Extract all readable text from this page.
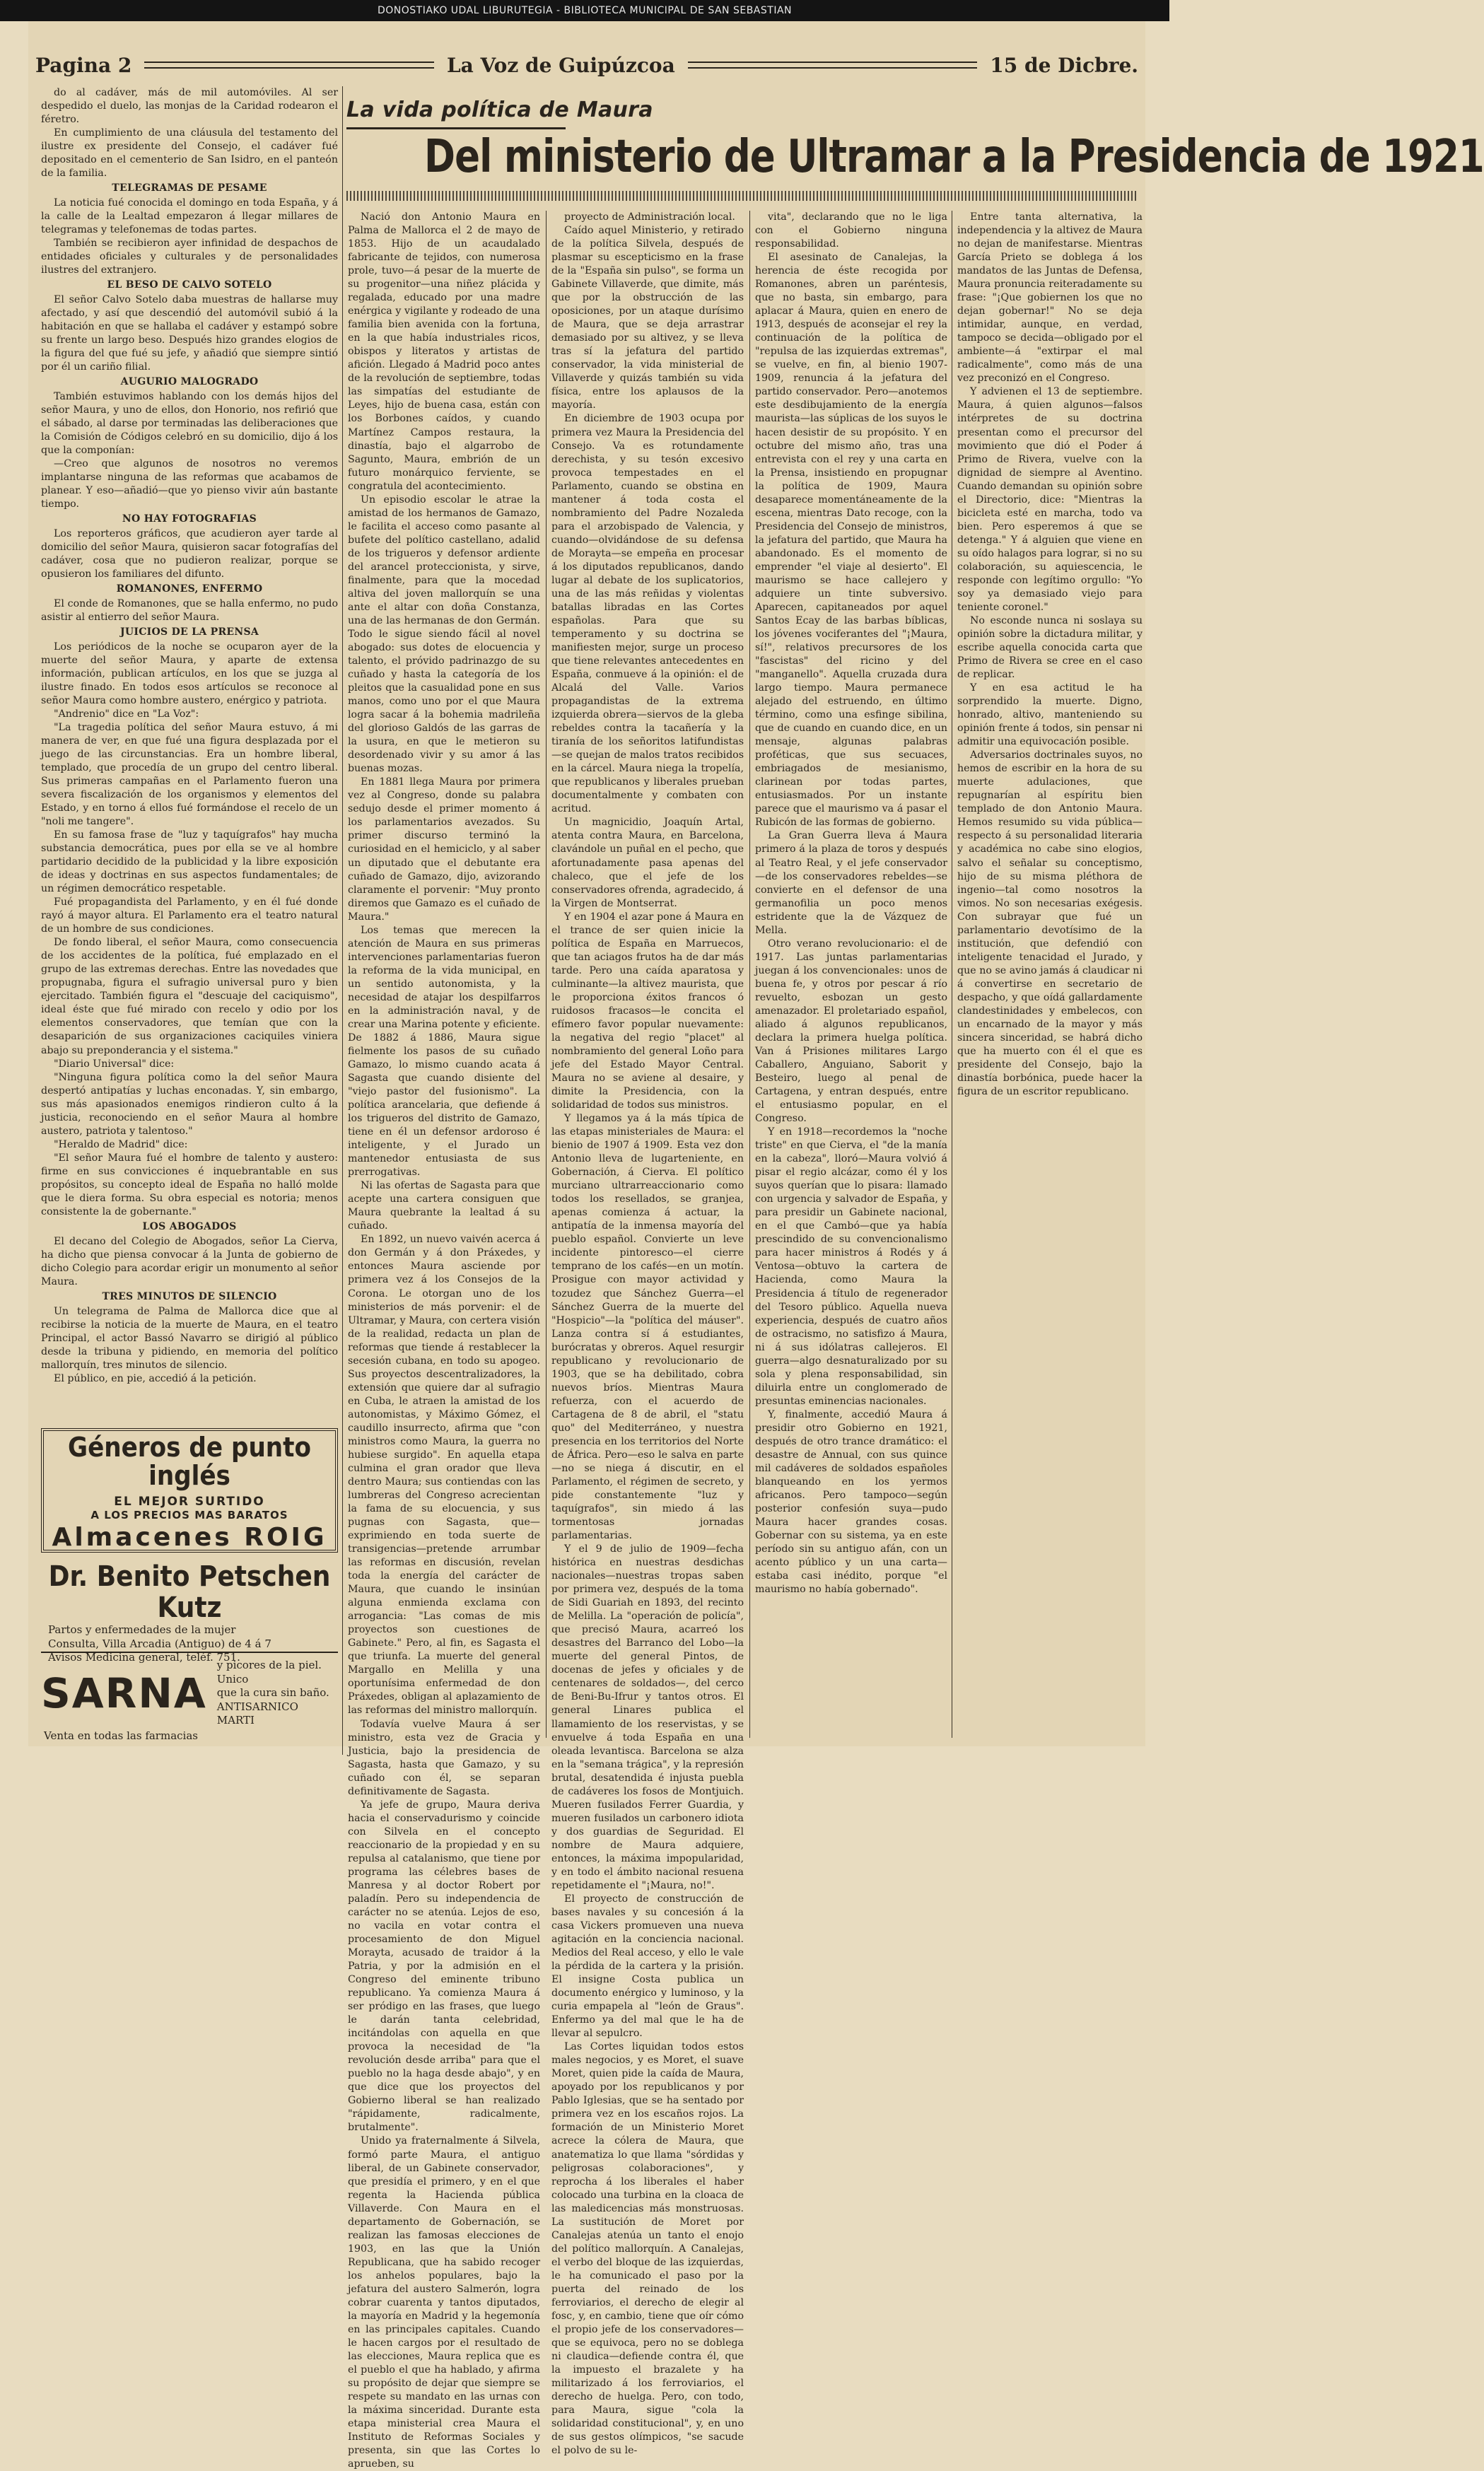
DONOSTIAKO UDAL LIBURUTEGIA - BIBLIOTECA MUNICIPAL DE SAN SEBASTIAN
Pagina 2	La Voz de Guipúzcoa	15 de Dicbre.

do al cadáver, más de mil automóviles. Al ser despedido el duelo, las monjas de la Caridad rodearon el féretro.

En cumplimiento de una cláusula del testamento del ilustre ex presidente del Consejo, el cadáver fué depositado en el cementerio de San Isidro, en el panteón de la familia.

TELEGRAMAS DE PESAME

La noticia fué conocida el domingo en toda España, y á la calle de la Lealtad empezaron á llegar millares de telegramas y telefonemas de todas partes.

También se recibieron ayer infinidad de despachos de entidades oficiales y culturales y de personalidades ilustres del extranjero.

EL BESO DE CALVO SOTELO

El señor Calvo Sotelo daba muestras de hallarse muy afectado, y así que descendió del automóvil subió á la habitación en que se hallaba el cadáver y estampó sobre su frente un largo beso. Después hizo grandes elogios de la figura del que fué su jefe, y añadió que siempre sintió por él un cariño filial.

AUGURIO MALOGRADO

También estuvimos hablando con los demás hijos del señor Maura, y uno de ellos, don Honorio, nos refirió que el sábado, al darse por terminadas las deliberaciones que la Comisión de Códigos celebró en su domicilio, dijo á los que la componían:

—Creo que algunos de nosotros no veremos implantarse ninguna de las reformas que acabamos de planear. Y eso—añadió—que yo pienso vivir aún bastante tiempo.

NO HAY FOTOGRAFIAS

Los reporteros gráficos, que acudieron ayer tarde al domicilio del señor Maura, quisieron sacar fotografías del cadáver, cosa que no pudieron realizar, porque se opusieron los familiares del difunto.

ROMANONES, ENFERMO

El conde de Romanones, que se halla enfermo, no pudo asistir al entierro del señor Maura.

JUICIOS DE LA PRENSA

Los periódicos de la noche se ocuparon ayer de la muerte del señor Maura, y aparte de extensa información, publican artículos, en los que se juzga al ilustre finado. En todos esos artículos se reconoce al señor Maura como hombre austero, enérgico y patriota.

"Andrenio" dice en "La Voz":

"La tragedia política del señor Maura estuvo, á mi manera de ver, en que fué una figura desplazada por el juego de las circunstancias. Era un hombre liberal, templado, que procedía de un grupo del centro liberal. Sus primeras campañas en el Parlamento fueron una severa fiscalización de los organismos y elementos del Estado, y en torno á ellos fué formándose el recelo de un "noli me tangere".

En su famosa frase de "luz y taquígrafos" hay mucha substancia democrática, pues por ella se ve al hombre partidario decidido de la publicidad y la libre exposición de ideas y doctrinas en sus aspectos fundamentales; de un régimen democrático respetable.

Fué propagandista del Parlamento, y en él fué donde rayó á mayor altura. El Parlamento era el teatro natural de un hombre de sus condiciones.

De fondo liberal, el señor Maura, como consecuencia de los accidentes de la política, fué emplazado en el grupo de las extremas derechas. Entre las novedades que propugnaba, figura el sufragio universal puro y bien ejercitado. También figura el "descuaje del caciquismo", ideal éste que fué mirado con recelo y odio por los elementos conservadores, que temían que con la desaparición de sus organizaciones caciquiles viniera abajo su preponderancia y el sistema."

"Diario Universal" dice:

"Ninguna figura política como la del señor Maura despertó antipatías y luchas enconadas. Y, sin embargo, sus más apasionados enemigos rindieron culto á la justicia, reconociendo en el señor Maura al hombre austero, patriota y talentoso."

"Heraldo de Madrid" dice:

"El señor Maura fué el hombre de talento y austero: firme en sus convicciones é inquebrantable en sus propósitos, su concepto ideal de España no halló molde que le diera forma. Su obra especial es notoria; menos consistente la de gobernante."

LOS ABOGADOS

El decano del Colegio de Abogados, señor La Cierva, ha dicho que piensa convocar á la Junta de gobierno de dicho Colegio para acordar erigir un monumento al señor Maura.

TRES MINUTOS DE SILENCIO

Un telegrama de Palma de Mallorca dice que al recibirse la noticia de la muerte de Maura, en el teatro Principal, el actor Bassó Navarro se dirigió al público desde la tribuna y pidiendo, en memoria del político mallorquín, tres minutos de silencio.

El público, en pie, accedió á la petición.

La vida política de Maura
Del ministerio de Ultramar a la Presidencia de 1921

Nació don Antonio Maura en Palma de Mallorca el 2 de mayo de 1853. Hijo de un acaudalado fabricante de tejidos, con numerosa prole, tuvo—á pesar de la muerte de su progenitor—una niñez plácida y regalada, educado por una madre enérgica y vigilante y rodeado de una familia bien avenida con la fortuna, en la que había industriales ricos, obispos y literatos y artistas de afición. Llegado á Madrid poco antes de la revolución de septiembre, todas las simpatías del estudiante de Leyes, hijo de buena casa, están con los Borbones caídos, y cuando Martínez Campos restaura, la dinastía, bajo el algarrobo de Sagunto, Maura, embrión de un futuro monárquico ferviente, se congratula del acontecimiento.

Un episodio escolar le atrae la amistad de los hermanos de Gamazo, le facilita el acceso como pasante al bufete del político castellano, adalid de los trigueros y defensor ardiente del arancel proteccionista, y sirve, finalmente, para que la mocedad altiva del joven mallorquín se una ante el altar con doña Constanza, una de las hermanas de don Germán. Todo le sigue siendo fácil al novel abogado: sus dotes de elocuencia y talento, el próvido padrinazgo de su cuñado y hasta la categoría de los pleitos que la casualidad pone en sus manos, como uno por el que Maura logra sacar á la bohemia madrileña del glorioso Galdós de las garras de la usura, en que le metieron su desordenado vivir y su amor á las buenas mozas.

En 1881 llega Maura por primera vez al Congreso, donde su palabra sedujo desde el primer momento á los parlamentarios avezados. Su primer discurso terminó la curiosidad en el hemiciclo, y al saber un diputado que el debutante era cuñado de Gamazo, dijo, avizorando claramente el porvenir: "Muy pronto diremos que Gamazo es el cuñado de Maura."

Los temas que merecen la atención de Maura en sus primeras intervenciones parlamentarias fueron la reforma de la vida municipal, en un sentido autonomista, y la necesidad de atajar los despilfarros en la administración naval, y de crear una Marina potente y eficiente. De 1882 á 1886, Maura sigue fielmente los pasos de su cuñado Gamazo, lo mismo cuando acata á Sagasta que cuando disiente del "viejo pastor del fusionismo". La política arancelaria, que defiende á los trigueros del distrito de Gamazo, tiene en él un defensor ardoroso é inteligente, y el Jurado un mantenedor entusiasta de sus prerrogativas.

Ni las ofertas de Sagasta para que acepte una cartera consiguen que Maura quebrante la lealtad á su cuñado.

En 1892, un nuevo vaivén acerca á don Germán y á don Práxedes, y entonces Maura asciende por primera vez á los Consejos de la Corona. Le otorgan uno de los ministerios de más porvenir: el de Ultramar, y Maura, con certera visión de la realidad, redacta un plan de reformas que tiende á restablecer la secesión cubana, en todo su apogeo. Sus proyectos descentralizadores, la extensión que quiere dar al sufragio en Cuba, le atraen la amistad de los autonomistas, y Máximo Gómez, el caudillo insurrecto, afirma que "con ministros como Maura, la guerra no hubiese surgido". En aquella etapa culmina el gran orador que lleva dentro Maura; sus contiendas con las lumbreras del Congreso acrecientan la fama de su elocuencia, y sus pugnas con Sagasta, que—exprimiendo en toda suerte de transigencias—pretende arrumbar las reformas en discusión, revelan toda la energía del carácter de Maura, que cuando le insinúan alguna enmienda exclama con arrogancia: "Las comas de mis proyectos son cuestiones de Gabinete." Pero, al fin, es Sagasta el que triunfa. La muerte del general Margallo en Melilla y una oportunísima enfermedad de don Práxedes, obligan al aplazamiento de las reformas del ministro mallorquín.

Todavía vuelve Maura á ser ministro, esta vez de Gracia y Justicia, bajo la presidencia de Sagasta, hasta que Gamazo, y su cuñado con él, se separan definitivamente de Sagasta.

Ya jefe de grupo, Maura deriva hacia el conservadurismo y coincide con Silvela en el concepto reaccionario de la propiedad y en su repulsa al catalanismo, que tiene por programa las célebres bases de Manresa y al doctor Robert por paladín. Pero su independencia de carácter no se atenúa. Lejos de eso, no vacila en votar contra el procesamiento de don Miguel Morayta, acusado de traidor á la Patria, y por la admisión en el Congreso del eminente tribuno republicano. Ya comienza Maura á ser pródigo en las frases, que luego le darán tanta celebridad, incitándolas con aquella en que provoca la necesidad de "la revolución desde arriba" para que el pueblo no la haga desde abajo", y en que dice que los proyectos del Gobierno liberal se han realizado "rápidamente, radicalmente, brutalmente".

Unido ya fraternalmente á Silvela, formó parte Maura, el antiguo liberal, de un Gabinete conservador, que presidía el primero, y en el que regenta la Hacienda pública Villaverde. Con Maura en el departamento de Gobernación, se realizan las famosas elecciones de 1903, en las que la Unión Republicana, que ha sabido recoger los anhelos populares, bajo la jefatura del austero Salmerón, logra cobrar cuarenta y tantos diputados, la mayoría en Madrid y la hegemonía en las principales capitales. Cuando le hacen cargos por el resultado de las elecciones, Maura replica que es el pueblo el que ha hablado, y afirma su propósito de dejar que siempre se respete su mandato en las urnas con la máxima sinceridad. Durante esta etapa ministerial crea Maura el Instituto de Reformas Sociales y presenta, sin que las Cortes lo aprueben, su

proyecto de Administración local.

Caído aquel Ministerio, y retirado de la política Silvela, después de plasmar su escepticismo en la frase de la "España sin pulso", se forma un Gabinete Villaverde, que dimite, más que por la obstrucción de las oposiciones, por un ataque durísimo de Maura, que se deja arrastrar demasiado por su altivez, y se lleva tras sí la jefatura del partido conservador, la vida ministerial de Villaverde y quizás también su vida física, entre los aplausos de la mayoría.

En diciembre de 1903 ocupa por primera vez Maura la Presidencia del Consejo. Va es rotundamente derechista, y su tesón excesivo provoca tempestades en el Parlamento, cuando se obstina en mantener á toda costa el nombramiento del Padre Nozaleda para el arzobispado de Valencia, y cuando—olvidándose de su defensa de Morayta—se empeña en procesar á los diputados republicanos, dando lugar al debate de los suplicatorios, una de las más reñidas y violentas batallas libradas en las Cortes españolas. Para que su temperamento y su doctrina se manifiesten mejor, surge un proceso que tiene relevantes antecedentes en España, conmueve á la opinión: el de Alcalá del Valle. Varios propagandistas de la extrema izquierda obrera—siervos de la gleba rebeldes contra la tacañería y la tiranía de los señoritos latifundistas—se quejan de malos tratos recibidos en la cárcel. Maura niega la tropelía, que republicanos y liberales prueban documentalmente y combaten con acritud.

Un magnicidio, Joaquín Artal, atenta contra Maura, en Barcelona, clavándole un puñal en el pecho, que afortunadamente pasa apenas del chaleco, que el jefe de los conservadores ofrenda, agradecido, á la Virgen de Montserrat.

Y en 1904 el azar pone á Maura en el trance de ser quien inicie la política de España en Marruecos, que tan aciagos frutos ha de dar más tarde. Pero una caída aparatosa y culminante—la altivez maurista, que le proporciona éxitos francos ó ruidosos fracasos—le concita el efímero favor popular nuevamente: la negativa del regio "placet" al nombramiento del general Loño para jefe del Estado Mayor Central. Maura no se aviene al desaire, y dimite la Presidencia, con la solidaridad de todos sus ministros.

Y llegamos ya á la más típica de las etapas ministeriales de Maura: el bienio de 1907 á 1909. Esta vez don Antonio lleva de lugarteniente, en Gobernación, á Cierva. El político murciano ultrarreaccionario como todos los resellados, se granjea, apenas comienza á actuar, la antipatía de la inmensa mayoría del pueblo español. Convierte un leve incidente pintoresco—el cierre temprano de los cafés—en un motín. Prosigue con mayor actividad y tozudez que Sánchez Guerra—el Sánchez Guerra de la muerte del "Hospicio"—la "política del máuser". Lanza contra sí á estudiantes, burócratas y obreros. Aquel resurgir republicano y revolucionario de 1903, que se ha debilitado, cobra nuevos bríos. Mientras Maura refuerza, con el acuerdo de Cartagena de 8 de abril, el "statu quo" del Mediterráneo, y nuestra presencia en los territorios del Norte de África. Pero—eso le salva en parte—no se niega á discutir, en el Parlamento, el régimen de secreto, y pide constantemente "luz y taquígrafos", sin miedo á las tormentosas jornadas parlamentarias.

Y el 9 de julio de 1909—fecha histórica en nuestras desdichas nacionales—nuestras tropas saben por primera vez, después de la toma de Sidi Guariah en 1893, del recinto de Melilla. La "operación de policía", que precisó Maura, acarreó los desastres del Barranco del Lobo—la muerte del general Pintos, de docenas de jefes y oficiales y de centenares de soldados—, del cerco de Beni-Bu-Ifrur y tantos otros. El general Linares publica el llamamiento de los reservistas, y se envuelve á toda España en una oleada levantisca. Barcelona se alza en la "semana trágica", y la represión brutal, desatendida é injusta puebla de cadáveres los fosos de Montjuich. Mueren fusilados Ferrer Guardia, y mueren fusilados un carbonero idiota y dos guardias de Seguridad. El nombre de Maura adquiere, entonces, la máxima impopularidad, y en todo el ámbito nacional resuena repetidamente el "¡Maura, no!".

El proyecto de construcción de bases navales y su concesión á la casa Vickers promueven una nueva agitación en la conciencia nacional. Medios del Real acceso, y ello le vale la pérdida de la cartera y la prisión. El insigne Costa publica un documento enérgico y luminoso, y la curia empapela al "león de Graus". Enfermo ya del mal que le ha de llevar al sepulcro.

Las Cortes liquidan todos estos males negocios, y es Moret, el suave Moret, quien pide la caída de Maura, apoyado por los republicanos y por Pablo Iglesias, que se ha sentado por primera vez en los escaños rojos. La formación de un Ministerio Moret acrece la cólera de Maura, que anatematiza lo que llama "sórdidas y peligrosas colaboraciones", y reprocha á los liberales el haber colocado una turbina en la cloaca de las maledicencias más monstruosas. La sustitución de Moret por Canalejas atenúa un tanto el enojo del político mallorquín. A Canalejas, el verbo del bloque de las izquierdas, le ha comunicado el paso por la puerta del reinado de los ferroviarios, el derecho de elegir al fosc, y, en cambio, tiene que oír cómo el propio jefe de los conservadores—que se equivoca, pero no se doblega ni claudica—defiende contra él, que la impuesto el brazalete y ha militarizado á los ferroviarios, el derecho de huelga. Pero, con todo, para Maura, sigue "cola la solidaridad constitucional", y, en uno de sus gestos olímpicos, "se sacude el polvo de su le-

vita", declarando que no le liga con el Gobierno ninguna responsabilidad.

El asesinato de Canalejas, la herencia de éste recogida por Romanones, abren un paréntesis, que no basta, sin embargo, para aplacar á Maura, quien en enero de 1913, después de aconsejar el rey la continuación de la política de "repulsa de las izquierdas extremas", se vuelve, en fin, al bienio 1907-1909, renuncia á la jefatura del partido conservador. Pero—anotemos este desdibujamiento de la energía maurista—las súplicas de los suyos le hacen desistir de su propósito. Y en octubre del mismo año, tras una entrevista con el rey y una carta en la Prensa, insistiendo en propugnar la política de 1909, Maura desaparece momentáneamente de la escena, mientras Dato recoge, con la Presidencia del Consejo de ministros, la jefatura del partido, que Maura ha abandonado. Es el momento de emprender "el viaje al desierto". El maurismo se hace callejero y adquiere un tinte subversivo. Aparecen, capitaneados por aquel Santos Ecay de las barbas bíblicas, los jóvenes vociferantes del "¡Maura, sí!", relativos precursores de los "fascistas" del ricino y del "manganello". Aquella cruzada dura largo tiempo. Maura permanece alejado del estruendo, en último término, como una esfinge sibilina, que de cuando en cuando dice, en un mensaje, algunas palabras proféticas, que sus secuaces, embriagados de mesianismo, clarinean por todas partes, entusiasmados. Por un instante parece que el maurismo va á pasar el Rubicón de las formas de gobierno.

La Gran Guerra lleva á Maura primero á la plaza de toros y después al Teatro Real, y el jefe conservador—de los conservadores rebeldes—se convierte en el defensor de una germanofilia un poco menos estridente que la de Vázquez de Mella.

Otro verano revolucionario: el de 1917. Las juntas parlamentarias juegan á los convencionales: unos de buena fe, y otros por pescar á río revuelto, esbozan un gesto amenazador. El proletariado español, aliado á algunos republicanos, declara la primera huelga política. Van á Prisiones militares Largo Caballero, Anguiano, Saborit y Besteiro, luego al penal de Cartagena, y entran después, entre el entusiasmo popular, en el Congreso.

Y en 1918—recordemos la "noche triste" en que Cierva, el "de la manía en la cabeza", lloró—Maura volvió á pisar el regio alcázar, como él y los suyos querían que lo pisara: llamado con urgencia y salvador de España, y para presidir un Gabinete nacional, en el que Cambó—que ya había prescindido de su convencionalismo para hacer ministros á Rodés y á Ventosa—obtuvo la cartera de Hacienda, como Maura la Presidencia á título de regenerador del Tesoro público. Aquella nueva experiencia, después de cuatro años de ostracismo, no satisfizo á Maura, ni á sus idólatras callejeros. El guerra—algo desnaturalizado por su sola y plena responsabilidad, sin diluirla entre un conglomerado de presuntas eminencias nacionales.

Y, finalmente, accedió Maura á presidir otro Gobierno en 1921, después de otro trance dramático: el desastre de Annual, con sus quince mil cadáveres de soldados españoles blanqueando en los yermos africanos. Pero tampoco—según posterior confesión suya—pudo Maura hacer grandes cosas. Gobernar con su sistema, ya en este período sin su antiguo afán, con un acento público y un una carta—estaba casi inédito, porque "el maurismo no había gobernado".

Entre tanta alternativa, la independencia y la altivez de Maura no dejan de manifestarse. Mientras García Prieto se doblega á los mandatos de las Juntas de Defensa, Maura pronuncia reiteradamente su frase: "¡Que gobiernen los que no dejan gobernar!" No se deja intimidar, aunque, en verdad, tampoco se decida—obligado por el ambiente—á "extirpar el mal radicalmente", como más de una vez preconizó en el Congreso.

Y advienen el 13 de septiembre. Maura, á quien algunos—falsos intérpretes de su doctrina presentan como el precursor del movimiento que dió el Poder á Primo de Rivera, vuelve con la dignidad de siempre al Aventino. Cuando demandan su opinión sobre el Directorio, dice: "Mientras la bicicleta esté en marcha, todo va bien. Pero esperemos á que se detenga." Y á alguien que viene en su oído halagos para lograr, si no su colaboración, su aquiescencia, le responde con legítimo orgullo: "Yo soy ya demasiado viejo para teniente coronel."

No esconde nunca ni soslaya su opinión sobre la dictadura militar, y escribe aquella conocida carta que Primo de Rivera se cree en el caso de replicar.

Y en esa actitud le ha sorprendido la muerte. Digno, honrado, altivo, manteniendo su opinión frente á todos, sin pensar ni admitir una equivocación posible.

Adversarios doctrinales suyos, no hemos de escribir en la hora de su muerte adulaciones, que repugnarían al espíritu bien templado de don Antonio Maura. Hemos resumido su vida pública—respecto á su personalidad literaria y académica no cabe sino elogios, salvo el señalar su conceptismo, hijo de su misma pléthora de ingenio—tal como nosotros la vimos. No son necesarias exégesis. Con subrayar que fué un parlamentario devotísimo de la institución, que defendió con inteligente tenacidad el Jurado, y que no se avino jamás á claudicar ni á convertirse en secretario de despacho, y que oídá gallardamente clandestinidades y embelecos, con un encarnado de la mayor y más sincera sinceridad, se habrá dicho que ha muerto con él el que es presidente del Consejo, bajo la dinastía borbónica, puede hacer la figura de un escritor republicano.

Géneros de punto inglés
EL MEJOR SURTIDO
A LOS PRECIOS MAS BARATOS
Almacenes ROIG
Dr. Benito Petschen Kutz
Partos y enfermedades de la mujer
Consulta, Villa Arcadia (Antiguo) de 4 á 7
Avisos Medicina general, teléf. 751.
SARNA
y picores de la piel. Unico
que la cura sin baño.
ANTISARNICO MARTI
Venta en todas las farmacias
